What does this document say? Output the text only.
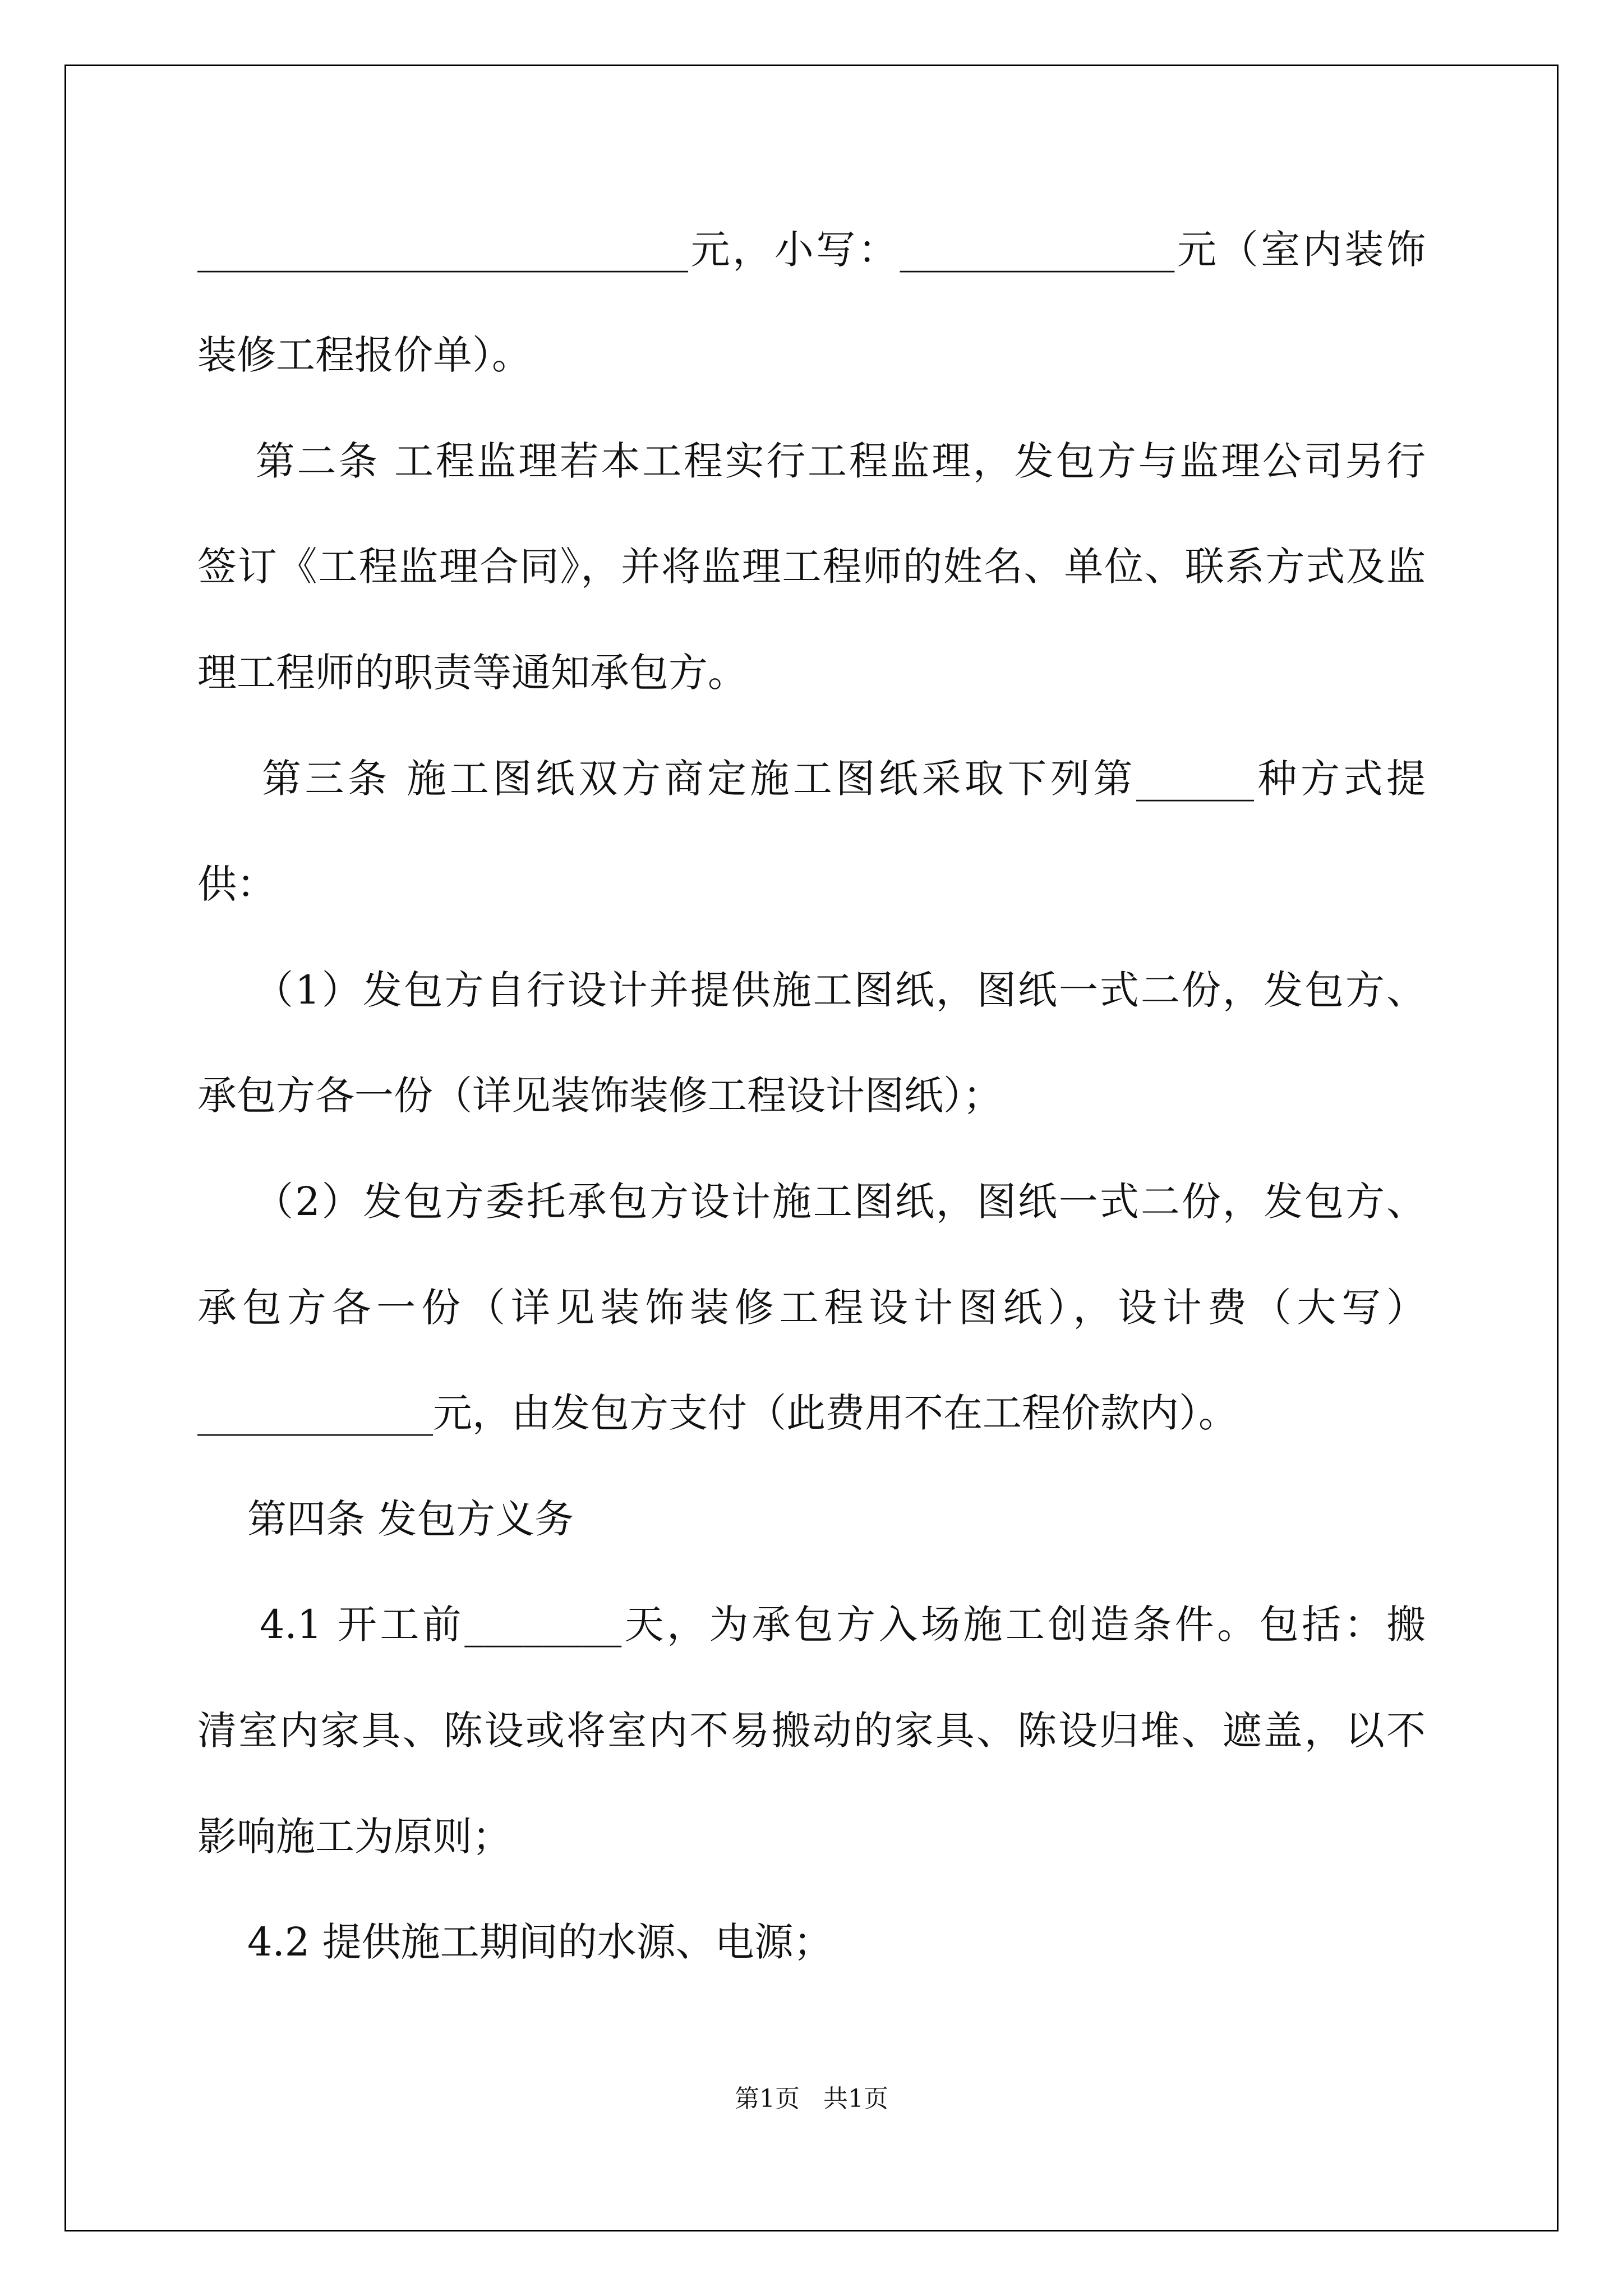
_________________________元，小写：______________元（室内装饰
装修工程报价单）。
第二条 工程监理若本工程实行工程监理，发包方与监理公司另行
签订《工程监理合同》，并将监理工程师的姓名、单位、联系方式及监
理工程师的职责等通知承包方。
第三条 施工图纸双方商定施工图纸采取下列第______种方式提
供：
（1）发包方自行设计并提供施工图纸，图纸一式二份，发包方、
承包方各一份（详见装饰装修工程设计图纸）；
（2）发包方委托承包方设计施工图纸，图纸一式二份，发包方、
承包方各一份（详见装饰装修工程设计图纸），设计费（大写）
____________元，由发包方支付（此费用不在工程价款内）。
第四条 发包方义务
4.1 开工前________天，为承包方入场施工创造条件。包括：搬
清室内家具、陈设或将室内不易搬动的家具、陈设归堆、遮盖，以不
影响施工为原则；
4.2 提供施工期间的水源、电源；
第1页   共1页
